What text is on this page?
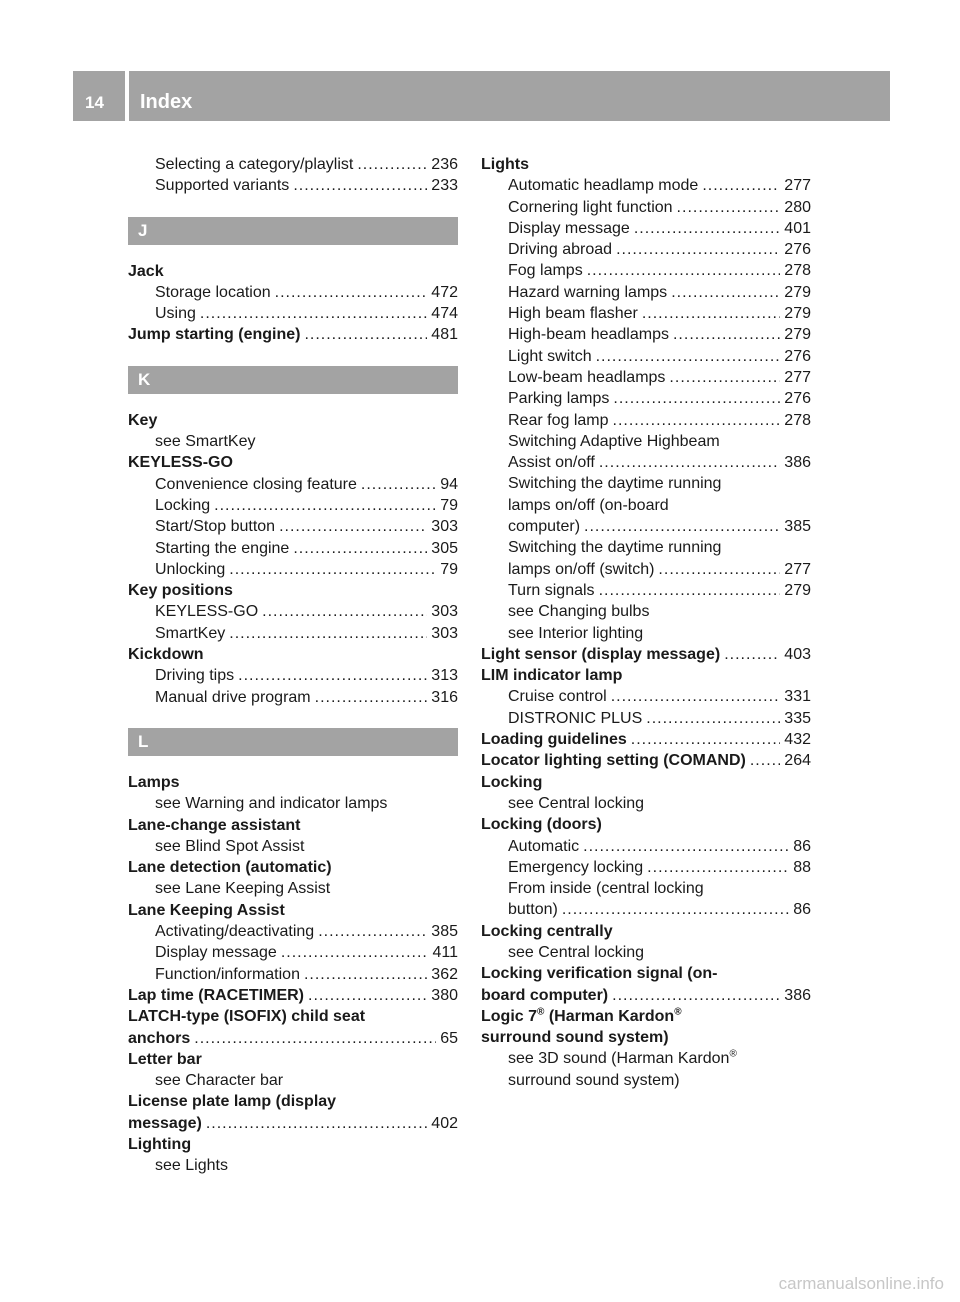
14 Index
Selecting a category/playlist .....	236
Supported variants .....	233
J
Jack
Storage location .....	472
Using .....	474
Jump starting (engine) .....	481
K
Key
see SmartKey
KEYLESS-GO
Convenience closing feature .....	94
Locking .....	79
Start/Stop button .....	303
Starting the engine .....	305
Unlocking .....	79
Key positions
KEYLESS-GO .....	303
SmartKey .....	303
Kickdown
Driving tips .....	313
Manual drive program .....	316
L
Lamps
see Warning and indicator lamps
Lane-change assistant
see Blind Spot Assist
Lane detection (automatic)
see Lane Keeping Assist
Lane Keeping Assist
Activating/deactivating .....	385
Display message .....	411
Function/information .....	362
Lap time (RACETIMER) .....	380
LATCH-type (ISOFIX) child seat
anchors .....	65
Letter bar
see Character bar
License plate lamp (display
message) .....	402
Lighting
see Lights
Lights
Automatic headlamp mode .....	277
Cornering light function .....	280
Display message .....	401
Driving abroad .....	276
Fog lamps .....	278
Hazard warning lamps .....	279
High beam flasher .....	279
High-beam headlamps .....	279
Light switch .....	276
Low-beam headlamps .....	277
Parking lamps .....	276
Rear fog lamp .....	278
Switching Adaptive Highbeam
Assist on/off .....	386
Switching the daytime running
lamps on/off (on-board
computer) .....	385
Switching the daytime running
lamps on/off (switch) .....	277
Turn signals .....	279
see Changing bulbs
see Interior lighting
Light sensor (display message) .....	403
LIM indicator lamp
Cruise control .....	331
DISTRONIC PLUS .....	335
Loading guidelines .....	432
Locator lighting setting (COMAND) ..... 264
Locking
see Central locking
Locking (doors)
Automatic .....	86
Emergency locking .....	88
From inside (central locking
button) .....	86
Locking centrally
see Central locking
Locking verification signal (on-
board computer) .....	386
Logic 7® (Harman Kardon®
surround sound system)
see 3D sound (Harman Kardon®
surround sound system)
carmanualsonline.info
